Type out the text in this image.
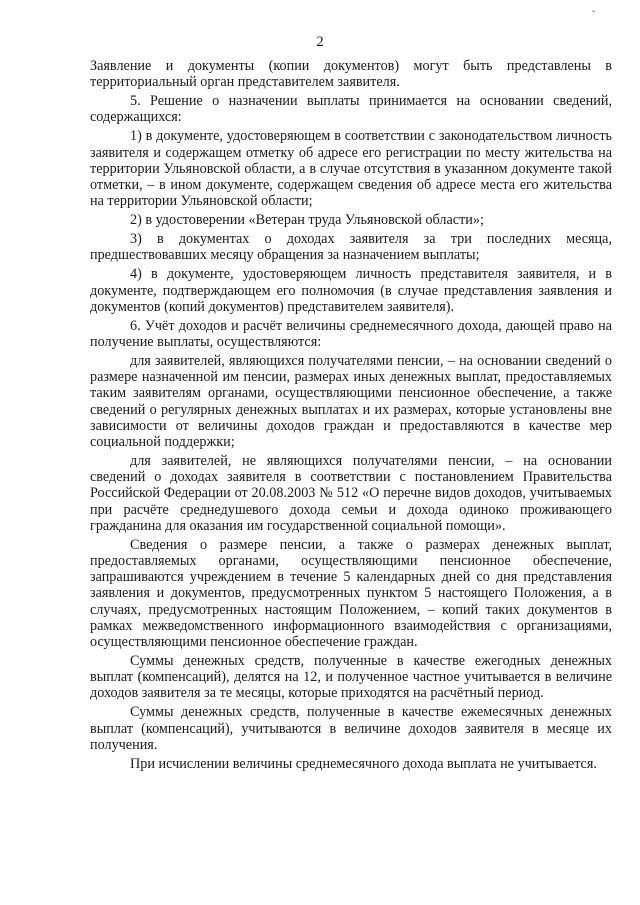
ˇ
2

Заявление и документы (копии документов) могут быть представлены в территориальный орган представителем заявителя.

5. Решение о назначении выплаты принимается на основании сведений, содержащихся:

1) в документе, удостоверяющем в соответствии с законодательством личность заявителя и содержащем отметку об адресе его регистрации по месту жительства на территории Ульяновской области, а в случае отсутствия в указанном документе такой отметки, – в ином документе, содержащем сведения об адресе места его жительства на территории Ульяновской области;

2) в удостоверении «Ветеран труда Ульяновской области»;

3) в документах о доходах заявителя за три последних месяца, предшествовавших месяцу обращения за назначением выплаты;

4) в документе, удостоверяющем личность представителя заявителя, и в документе, подтверждающем его полномочия (в случае представления заявления и документов (копий документов) представителем заявителя).

6. Учёт доходов и расчёт величины среднемесячного дохода, дающей право на получение выплаты, осуществляются:

для заявителей, являющихся получателями пенсии, – на основании сведений о размере назначенной им пенсии, размерах иных денежных выплат, предоставляемых таким заявителям органами, осуществляющими пенсионное обеспечение, а также сведений о регулярных денежных выплатах и их размерах, которые установлены вне зависимости от величины доходов граждан и предоставляются в качестве мер социальной поддержки;

для заявителей, не являющихся получателями пенсии, – на основании сведений о доходах заявителя в соответствии с постановлением Правительства Российской Федерации от 20.08.2003 № 512 «О перечне видов доходов, учитываемых при расчёте среднедушевого дохода семьи и дохода одиноко проживающего гражданина для оказания им государственной социальной помощи».

Сведения о размере пенсии, а также о размерах денежных выплат, предоставляемых органами, осуществляющими пенсионное обеспечение, запрашиваются учреждением в течение 5 календарных дней со дня представления заявления и документов, предусмотренных пунктом 5 настоящего Положения, а в случаях, предусмотренных настоящим Положением, – копий таких документов в рамках межведомственного информационного взаимодействия с организациями, осуществляющими пенсионное обеспечение граждан.

Суммы денежных средств, полученные в качестве ежегодных денежных выплат (компенсаций), делятся на 12, и полученное частное учитывается в величине доходов заявителя за те месяцы, которые приходятся на расчётный период.

Суммы денежных средств, полученные в качестве ежемесячных денежных выплат (компенсаций), учитываются в величине доходов заявителя в месяце их получения.

При исчислении величины среднемесячного дохода выплата не учитывается.
